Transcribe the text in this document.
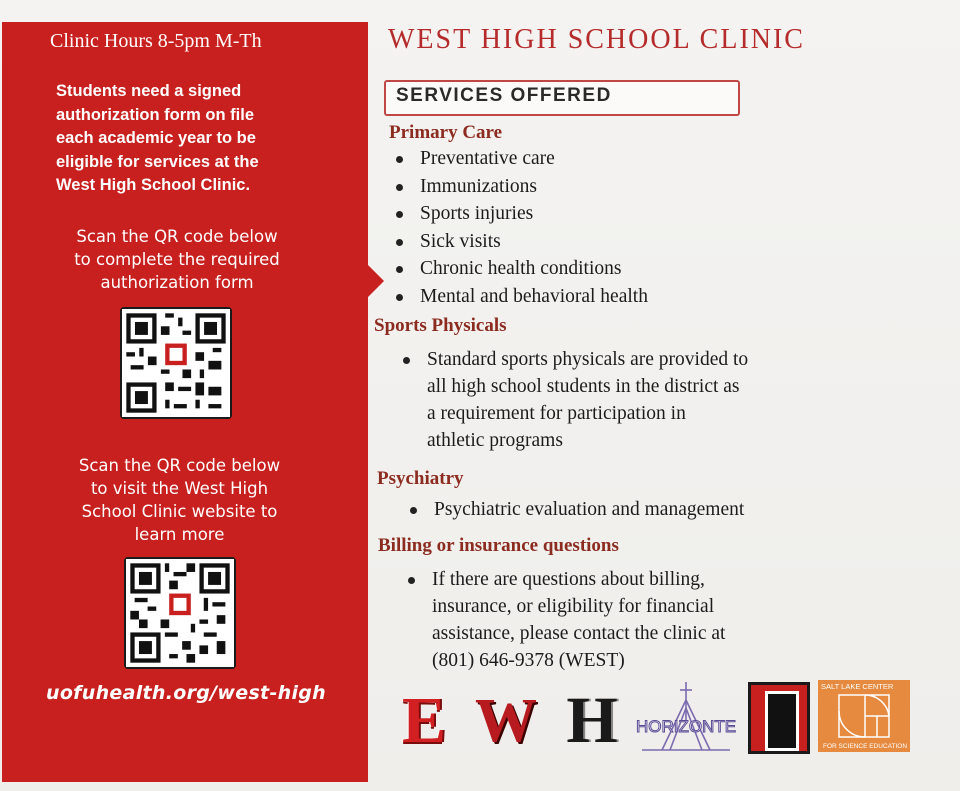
Clinic Hours 8-5pm M-Th
Students need a signed
authorization form on file
each academic year to be
eligible for services at the
West High School Clinic.
Scan the QR code below
to complete the required
authorization form
Scan the QR code below
to visit the West High
School Clinic website to
learn more
uofuhealth.org/west-high
WEST HIGH SCHOOL CLINIC
SERVICES OFFERED
Primary Care
Preventative care
Immunizations
Sports injuries
Sick visits
Chronic health conditions
Mental and behavioral health
Sports Physicals
Standard sports physicals are provided to
all high school students in the district as
a requirement for participation in
athletic programs
Psychiatry
Psychiatric evaluation and management
Billing or insurance questions
If there are questions about billing,
insurance, or eligibility for financial
assistance, please contact the clinic at
(801) 646-9378 (WEST)
E W H HORIZONTE
SALT LAKE CENTER
FOR SCIENCE EDUCATION
